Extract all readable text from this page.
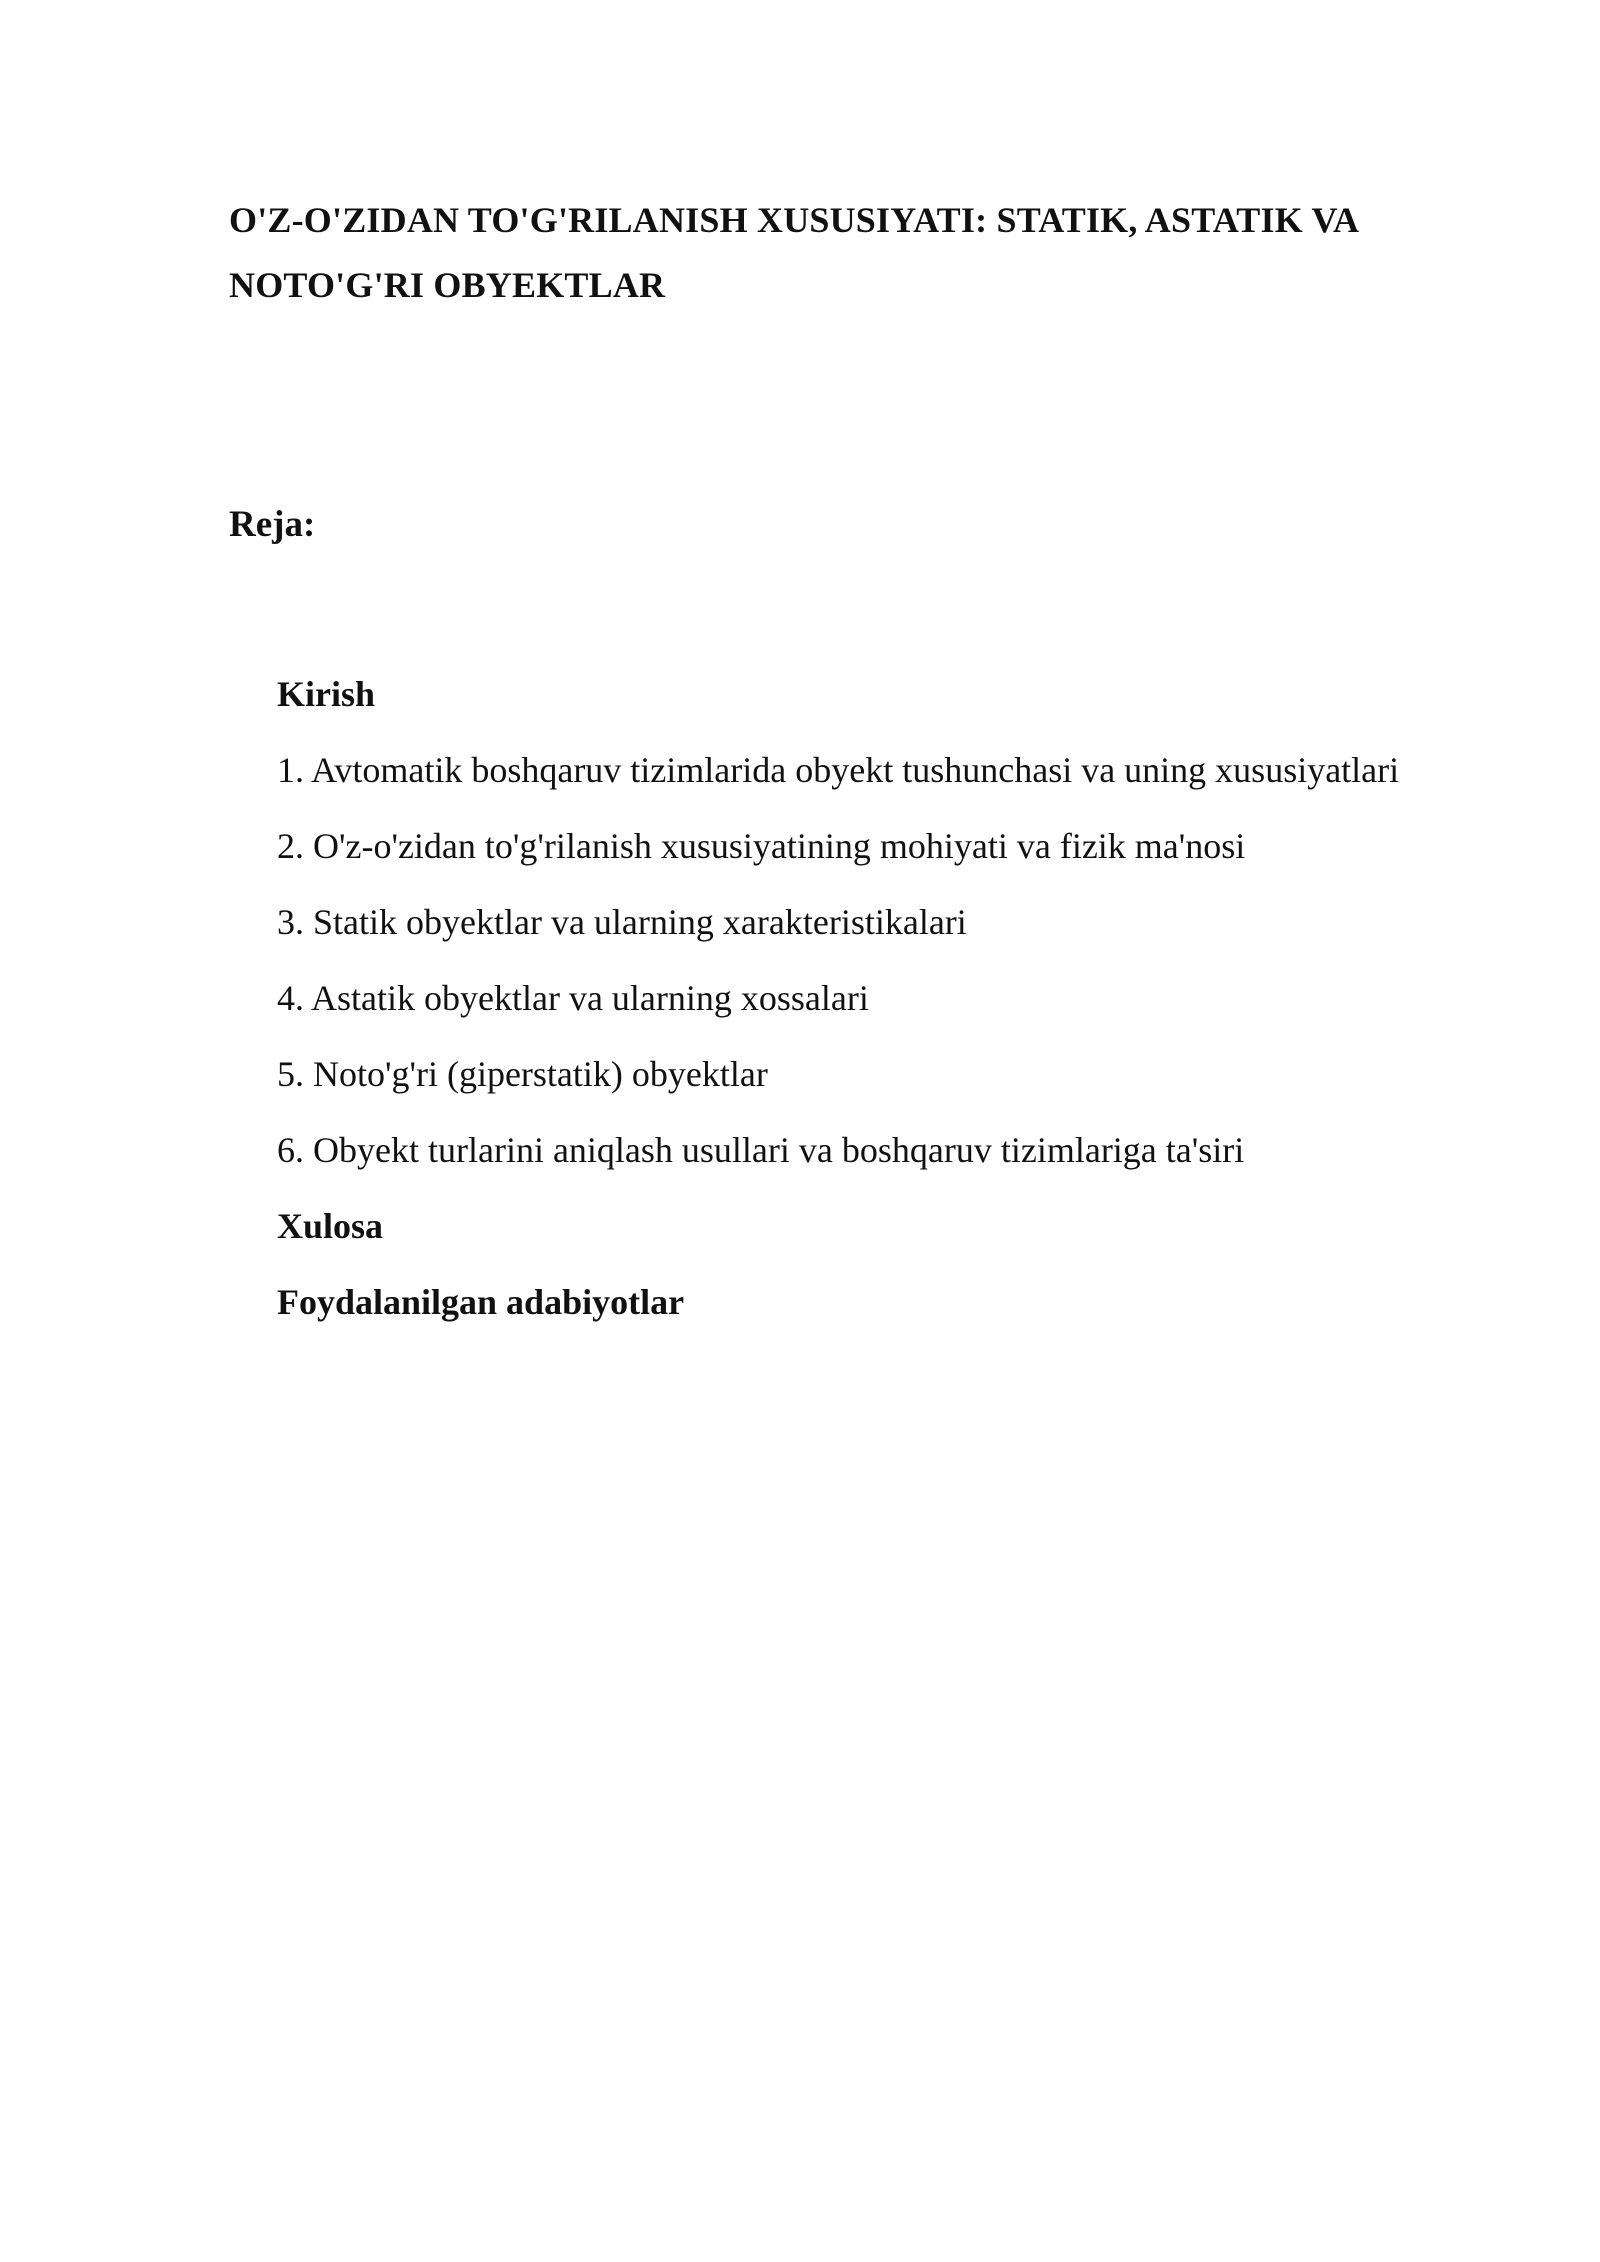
O'Z-O'ZIDAN TO'G'RILANISH XUSUSIYATI: STATIK, ASTATIK VA
NOTO'G'RI OBYEKTLAR
Reja:
Kirish
1. Avtomatik boshqaruv tizimlarida obyekt tushunchasi va uning xususiyatlari
2. O'z-o'zidan to'g'rilanish xususiyatining mohiyati va fizik ma'nosi
3. Statik obyektlar va ularning xarakteristikalari
4. Astatik obyektlar va ularning xossalari
5. Noto'g'ri (giperstatik) obyektlar
6. Obyekt turlarini aniqlash usullari va boshqaruv tizimlariga ta'siri
Xulosa
Foydalanilgan adabiyotlar
